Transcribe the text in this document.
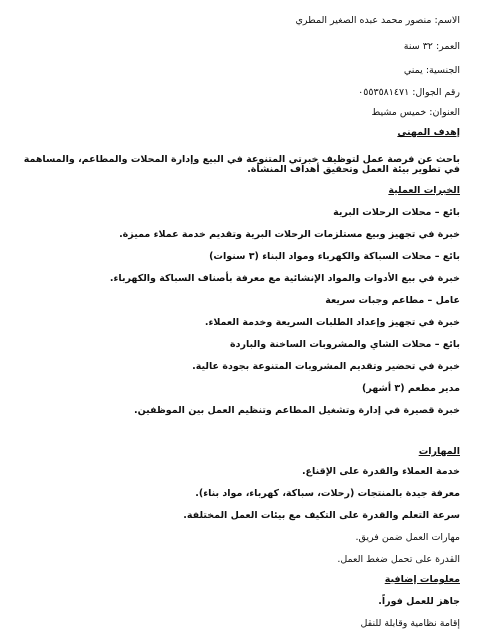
الاسم: منصور محمد عبده الصغير المطري

العمر: ٣٢ سنة

الجنسية: يمني

رقم الجوال: ٠٥٥٣٥٨١٤٧١

العنوان: خميس مشيط

إهدف المهني

باحث عن فرصة عمل لتوظيف خبرتي المتنوعة في البيع وإدارة المحلات والمطاعم، والمساهمة في تطوير بيئة العمل وتحقيق أهداف المنشأة.

الخبرات العملية

بائع – محلات الرحلات البرية

خبرة في تجهيز وبيع مستلزمات الرحلات البرية وتقديم خدمة عملاء مميزة.

بائع – محلات السباكة والكهرباء ومواد البناء (٣ سنوات)

خبرة في بيع الأدوات والمواد الإنشائية مع معرفة بأصناف السباكة والكهرباء.

عامل – مطاعم وجبات سريعة

خبرة في تجهيز وإعداد الطلبات السريعة وخدمة العملاء.

بائع – محلات الشاي والمشروبات الساخنة والباردة

خبرة في تحضير وتقديم المشروبات المتنوعة بجودة عالية.

مدير مطعم (٣ أشهر)

خبرة قصيرة في إدارة وتشغيل المطاعم وتنظيم العمل بين الموظفين.

المهارات

خدمة العملاء والقدرة على الإقناع.

معرفة جيدة بالمنتجات (رحلات، سباكة، كهرباء، مواد بناء).

سرعة التعلم والقدرة على التكيف مع بيئات العمل المختلفة.

مهارات العمل ضمن فريق.

القدرة على تحمل ضغط العمل.

معلومات إضافية

جاهز للعمل فوراً.

إقامة نظامية وقابلة للنقل
